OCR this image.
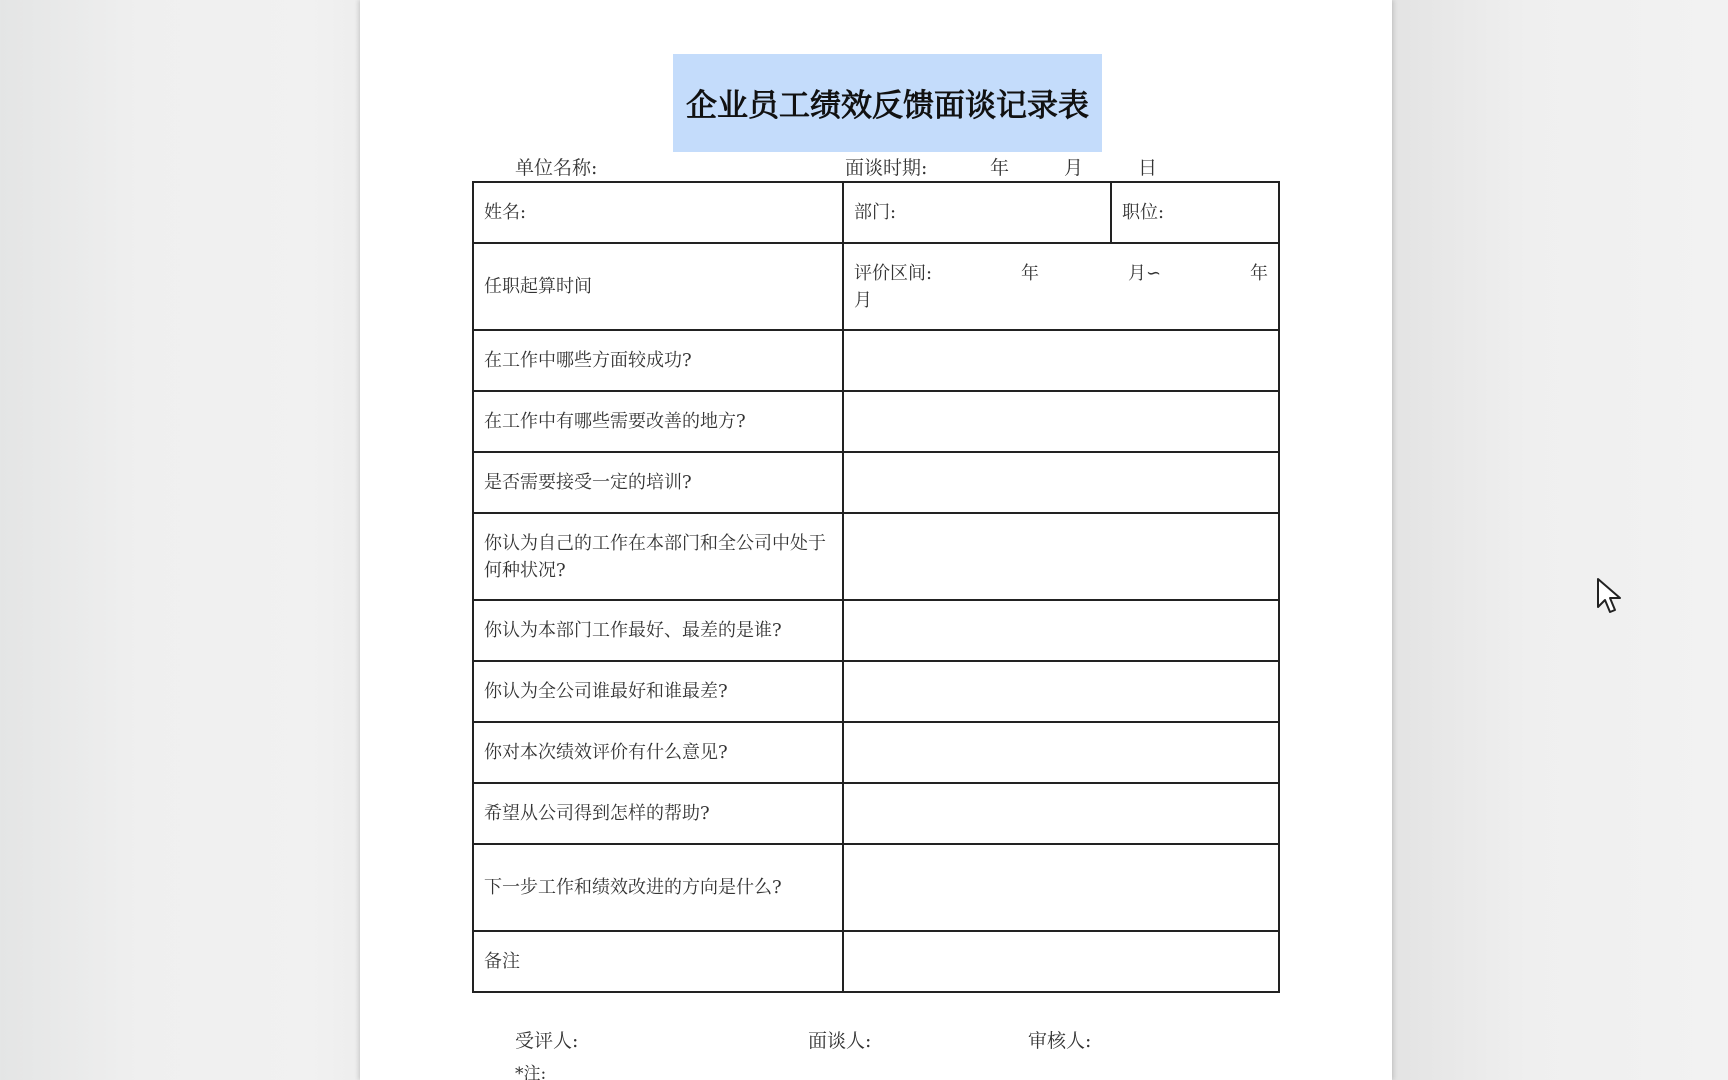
企业员工绩效反馈面谈记录表
单位名称:	面谈时期:	年	月	日
姓名:	部门:	职位:
任职起算时间	评价区间: 年 月∽ 年
月	

在工作中哪些方面较成功?		

在工作中有哪些需要改善的地方?		

是否需要接受一定的培训?		

你认为自己的工作在本部门和全公司中处于何种状况?		

你认为本部门工作最好、最差的是谁?		

你认为全公司谁最好和谁最差?		

你对本次绩效评价有什么意见?		

希望从公司得到怎样的帮助?		

下一步工作和绩效改进的方向是什么?		

备注		

受评人:	面谈人:	审核人:
*注:
